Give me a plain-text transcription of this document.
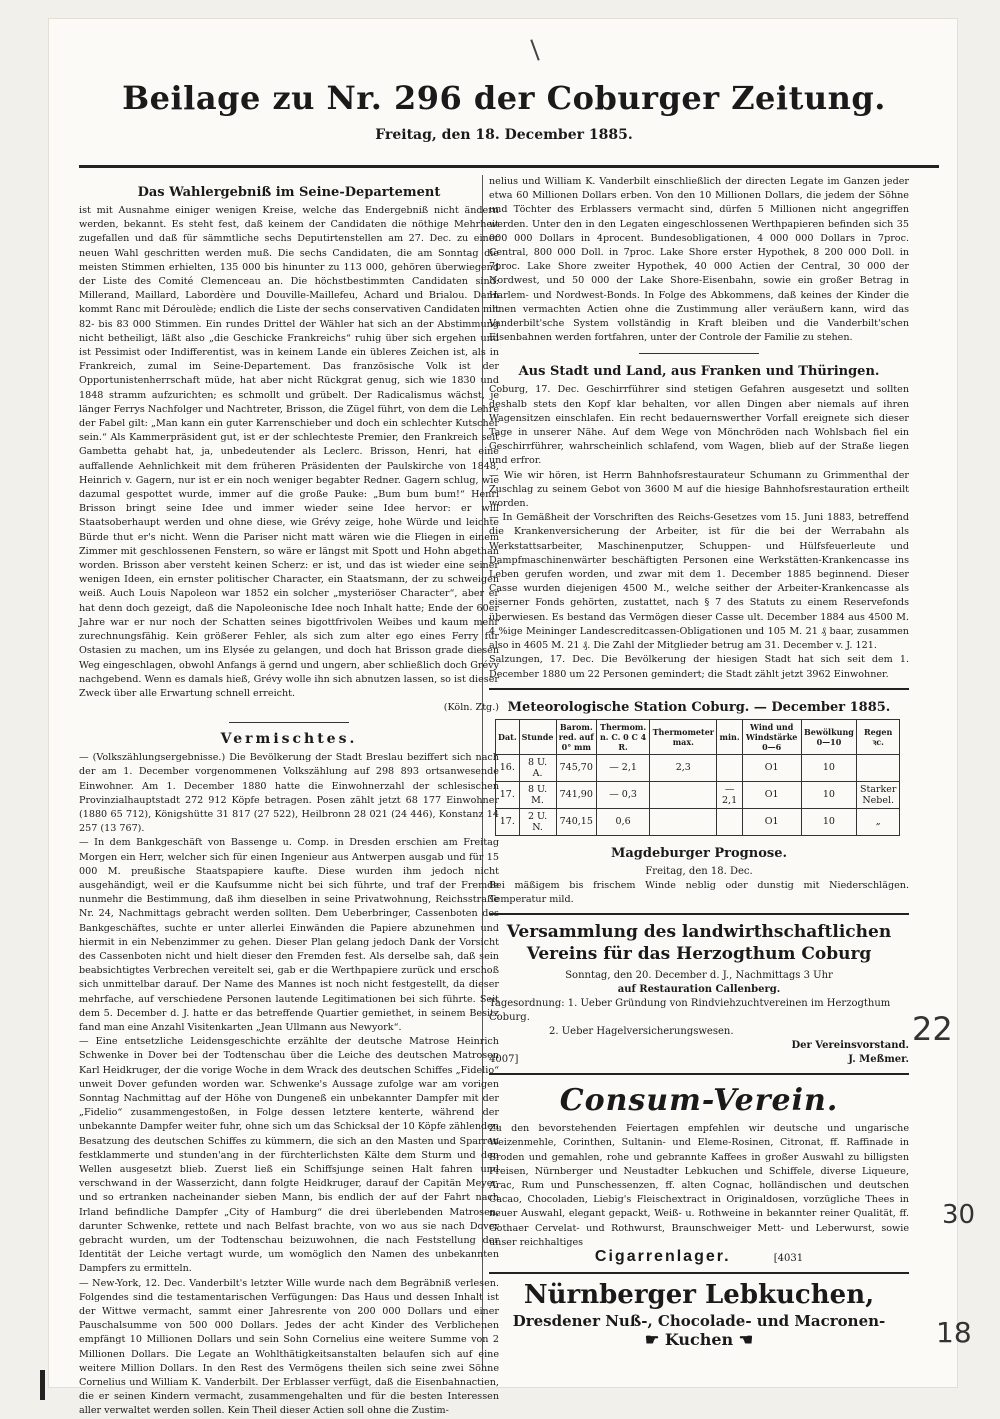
Beilage zu Nr. 296 der Coburger Zeitung.
Freitag, den 18. December 1885.
Das Wahlergebniß im Seine-Departement

ist mit Ausnahme einiger wenigen Kreise, welche das Endergebniß nicht ändern werden, bekannt. Es steht fest, daß keinem der Candidaten die nöthige Mehrheit zugefallen und daß für sämmtliche sechs Deputirtenstellen am 27. Dec. zu einer neuen Wahl geschritten werden muß. Die sechs Candidaten, die am Sonntag die meisten Stimmen erhielten, 135 000 bis hinunter zu 113 000, gehören überwiegend der Liste des Comité Clemenceau an. Die höchstbestimmten Candidaten sind: Millerand, Maillard, Labordère und Douville-Maillefeu, Achard und Brialou. Dann kommt Ranc mit Déroulède; endlich die Liste der sechs conservativen Candidaten mit 82- bis 83 000 Stimmen. Ein rundes Drittel der Wähler hat sich an der Abstimmung nicht betheiligt, läßt also „die Geschicke Frankreichs“ ruhig über sich ergehen und ist Pessimist oder Indifferentist, was in keinem Lande ein übleres Zeichen ist, als in Frankreich, zumal im Seine-Departement. Das französische Volk ist der Opportunistenherrschaft müde, hat aber nicht Rückgrat genug, sich wie 1830 und 1848 stramm aufzurichten; es schmollt und grübelt. Der Radicalismus wächst, je länger Ferrys Nachfolger und Nachtreter, Brisson, die Zügel führt, von dem die Lehre der Fabel gilt: „Man kann ein guter Karrenschieber und doch ein schlechter Kutscher sein.“ Als Kammerpräsident gut, ist er der schlechteste Premier, den Frankreich seit Gambetta gehabt hat, ja, unbedeutender als Leclerc. Brisson, Henri, hat eine auffallende Aehnlichkeit mit dem früheren Präsidenten der Paulskirche von 1848, Heinrich v. Gagern, nur ist er ein noch weniger begabter Redner. Gagern schlug, wie dazumal gespottet wurde, immer auf die große Pauke: „Bum bum bum!“ Henri Brisson bringt seine Idee und immer wieder seine Idee hervor: er will Staatsoberhaupt werden und ohne diese, wie Grévy zeige, hohe Würde und leichte Bürde thut er's nicht. Wenn die Pariser nicht matt wären wie die Fliegen in einem Zimmer mit geschlossenen Fenstern, so wäre er längst mit Spott und Hohn abgethan worden. Brisson aber versteht keinen Scherz: er ist, und das ist wieder eine seiner wenigen Ideen, ein ernster politischer Character, ein Staatsmann, der zu schweigen weiß. Auch Louis Napoleon war 1852 ein solcher „mysteriöser Character“, aber er hat denn doch gezeigt, daß die Napoleonische Idee noch Inhalt hatte; Ende der 60er Jahre war er nur noch der Schatten seines bigottfrivolen Weibes und kaum mehr zurechnungsfähig. Kein größerer Fehler, als sich zum alter ego eines Ferry für Ostasien zu machen, um ins Elysée zu gelangen, und doch hat Brisson grade diesen Weg eingeschlagen, obwohl Anfangs ä gernd und ungern, aber schließlich doch Grévy nachgebend. Wenn es damals hieß, Grévy wolle ihn sich abnutzen lassen, so ist dieser Zweck über alle Erwartung schnell erreicht.

(Köln. Ztg.)

Vermischtes.

— (Volkszählungsergebnisse.) Die Bevölkerung der Stadt Breslau beziffert sich nach der am 1. December vorgenommenen Volkszählung auf 298 893 ortsanwesende Einwohner. Am 1. December 1880 hatte die Einwohnerzahl der schlesischen Provinzialhauptstadt 272 912 Köpfe betragen. Posen zählt jetzt 68 177 Einwohner (1880 65 712), Königshütte 31 817 (27 522), Heilbronn 28 021 (24 446), Konstanz 14 257 (13 767).

— In dem Bankgeschäft von Bassenge u. Comp. in Dresden erschien am Freitag Morgen ein Herr, welcher sich für einen Ingenieur aus Antwerpen ausgab und für 15 000 M. preußische Staatspapiere kaufte. Diese wurden ihm jedoch nicht ausgehändigt, weil er die Kaufsumme nicht bei sich führte, und traf der Fremde nunmehr die Bestimmung, daß ihm dieselben in seine Privatwohnung, Reichsstraße Nr. 24, Nachmittags gebracht werden sollten. Dem Ueberbringer, Cassenboten des Bankgeschäftes, suchte er unter allerlei Einwänden die Papiere abzunehmen und hiermit in ein Nebenzimmer zu gehen. Dieser Plan gelang jedoch Dank der Vorsicht des Cassenboten nicht und hielt dieser den Fremden fest. Als derselbe sah, daß sein beabsichtigtes Verbrechen vereitelt sei, gab er die Werthpapiere zurück und erschoß sich unmittelbar darauf. Der Name des Mannes ist noch nicht festgestellt, da dieser mehrfache, auf verschiedene Personen lautende Legitimationen bei sich führte. Seit dem 5. December d. J. hatte er das betreffende Quartier gemiethet, in seinem Besitz fand man eine Anzahl Visitenkarten „Jean Ullmann aus Newyork“.

— Eine entsetzliche Leidensgeschichte erzählte der deutsche Matrose Heinrich Schwenke in Dover bei der Todtenschau über die Leiche des deutschen Matrosen Karl Heidkruger, der die vorige Woche in dem Wrack des deutschen Schiffes „Fidelio“ unweit Dover gefunden worden war. Schwenke's Aussage zufolge war am vorigen Sonntag Nachmittag auf der Höhe von Dungeneß ein unbekannter Dampfer mit der „Fidelio“ zusammengestoßen, in Folge dessen letztere kenterte, während der unbekannte Dampfer weiter fuhr, ohne sich um das Schicksal der 10 Köpfe zählenden Besatzung des deutschen Schiffes zu kümmern, die sich an den Masten und Sparren festklammerte und stunden'ang in der fürchterlichsten Kälte dem Sturm und den Wellen ausgesetzt blieb. Zuerst ließ ein Schiffsjunge seinen Halt fahren und verschwand in der Wasserzicht, dann folgte Heidkruger, darauf der Capitän Meyer, und so ertranken nacheinander sieben Mann, bis endlich der auf der Fahrt nach Irland befindliche Dampfer „City of Hamburg“ die drei überlebenden Matrosen, darunter Schwenke, rettete und nach Belfast brachte, von wo aus sie nach Dover gebracht wurden, um der Todtenschau beizuwohnen, die nach Feststellung der Identität der Leiche vertagt wurde, um womöglich den Namen des unbekannten Dampfers zu ermitteln.

— New-York, 12. Dec. Vanderbilt's letzter Wille wurde nach dem Begräbniß verlesen. Folgendes sind die testamentarischen Verfügungen: Das Haus und dessen Inhalt ist der Wittwe vermacht, sammt einer Jahresrente von 200 000 Dollars und einer Pauschalsumme von 500 000 Dollars. Jedes der acht Kinder des Verblichenen empfängt 10 Millionen Dollars und sein Sohn Cornelius eine weitere Summe von 2 Millionen Dollars. Die Legate an Wohlthätigkeitsanstalten belaufen sich auf eine weitere Million Dollars. In den Rest des Vermögens theilen sich seine zwei Söhne Cornelius und William K. Vanderbilt. Der Erblasser verfügt, daß die Eisenbahnactien, die er seinen Kindern vermacht, zusammengehalten und für die besten Interessen aller verwaltet werden sollen. Kein Theil dieser Actien soll ohne die Zustim-

nelius und William K. Vanderbilt einschließlich der directen Legate im Ganzen jeder etwa 60 Millionen Dollars erben. Von den 10 Millionen Dollars, die jedem der Söhne und Töchter des Erblassers vermacht sind, dürfen 5 Millionen nicht angegriffen werden. Unter den in den Legaten eingeschlossenen Werthpapieren befinden sich 35 000 000 Dollars in 4procent. Bundesobligationen, 4 000 000 Dollars in 7proc. Central, 800 000 Doll. in 7proc. Lake Shore erster Hypothek, 8 200 000 Doll. in 7proc. Lake Shore zweiter Hypothek, 40 000 Actien der Central, 30 000 der Nordwest, und 50 000 der Lake Shore-Eisenbahn, sowie ein großer Betrag in Harlem- und Nordwest-Bonds. In Folge des Abkommens, daß keines der Kinder die ihnen vermachten Actien ohne die Zustimmung aller veräußern kann, wird das Vanderbilt'sche System vollständig in Kraft bleiben und die Vanderbilt'schen Eisenbahnen werden fortfahren, unter der Controle der Familie zu stehen.

Aus Stadt und Land, aus Franken und Thüringen.

Coburg, 17. Dec. Geschirrführer sind stetigen Gefahren ausgesetzt und sollten deshalb stets den Kopf klar behalten, vor allen Dingen aber niemals auf ihren Wagensitzen einschlafen. Ein recht bedauernswerther Vorfall ereignete sich dieser Tage in unserer Nähe. Auf dem Wege von Mönchröden nach Wohlsbach fiel ein Geschirrführer, wahrscheinlich schlafend, vom Wagen, blieb auf der Straße liegen und erfror.

— Wie wir hören, ist Herrn Bahnhofsrestaurateur Schumann zu Grimmenthal der Zuschlag zu seinem Gebot von 3600 M auf die hiesige Bahnhofsrestauration ertheilt worden.

— In Gemäßheit der Vorschriften des Reichs-Gesetzes vom 15. Juni 1883, betreffend die Krankenversicherung der Arbeiter, ist für die bei der Werrabahn als Werkstattsarbeiter, Maschinenputzer, Schuppen- und Hülfsfeuerleute und Dampfmaschinenwärter beschäftigten Personen eine Werkstätten-Krankencasse ins Leben gerufen worden, und zwar mit dem 1. December 1885 beginnend. Dieser Casse wurden diejenigen 4500 M., welche seither der Arbeiter-Krankencasse als eiserner Fonds gehörten, zustattet, nach § 7 des Statuts zu einem Reservefonds überwiesen. Es bestand das Vermögen dieser Casse ult. December 1884 aus 4500 M. 4 %ige Meininger Landescreditcassen-Obligationen und 105 M. 21 ₰ baar, zusammen also in 4605 M. 21 ₰. Die Zahl der Mitglieder betrug am 31. December v. J. 121.

Salzungen, 17. Dec. Die Bevölkerung der hiesigen Stadt hat sich seit dem 1. December 1880 um 22 Personen gemindert; die Stadt zählt jetzt 3962 Einwohner.

Meteorologische Station Coburg. — December 1885.
Dat.	Stunde	Barom. red. auf 0° mm	Thermom. n. C. 0 C 4 R.	Thermometer max.	min.	Wind und Windstärke 0—6	Bewölkung 0—10	Regen ꝛc.
16.	8 U. A.	745,70	— 2,1	2,3		O1	10	
17.	8 U. M.	741,90	— 0,3		— 2,1	O1	10	Starker Nebel.
17.	2 U. N.	740,15	0,6			O1	10	„
Magdeburger Prognose.

Freitag, den 18. Dec.

Bei mäßigem bis frischem Winde neblig oder dunstig mit Niederschlägen. Temperatur mild.

Versammlung des landwirthschaftlichen Vereins für das Herzogthum Coburg

Sonntag, den 20. December d. J., Nachmittags 3 Uhr

auf Restauration Callenberg.

Tagesordnung: 1. Ueber Gründung von Rindviehzuchtvereinen im Herzogthum Coburg.

2. Ueber Hagelversicherungswesen.

Der Vereinsvorstand.

4007]	J. Meßmer.

Consum-Verein.

Zu den bevorstehenden Feiertagen empfehlen wir deutsche und ungarische Weizenmehle, Corinthen, Sultanin- und Eleme-Rosinen, Citronat, ff. Raffinade in Broden und gemahlen, rohe und gebrannte Kaffees in großer Auswahl zu billigsten Preisen, Nürnberger und Neustadter Lebkuchen und Schiffele, diverse Liqueure, Arac, Rum und Punschessenzen, ff. alten Cognac, holländischen und deutschen Cacao, Chocoladen, Liebig's Fleischextract in Originaldosen, vorzügliche Thees in neuer Auswahl, elegant gepackt, Weiß- u. Rothweine in bekannter reiner Qualität, ff. Gothaer Cervelat- und Rothwurst, Braunschweiger Mett- und Leberwurst, sowie unser reichhaltiges

Cigarrenlager.	[4031

Nürnberger Lebkuchen,
Dresdener Nuß-, Chocolade- und Macronen-
☛ Kuchen ☚
22
30
18
